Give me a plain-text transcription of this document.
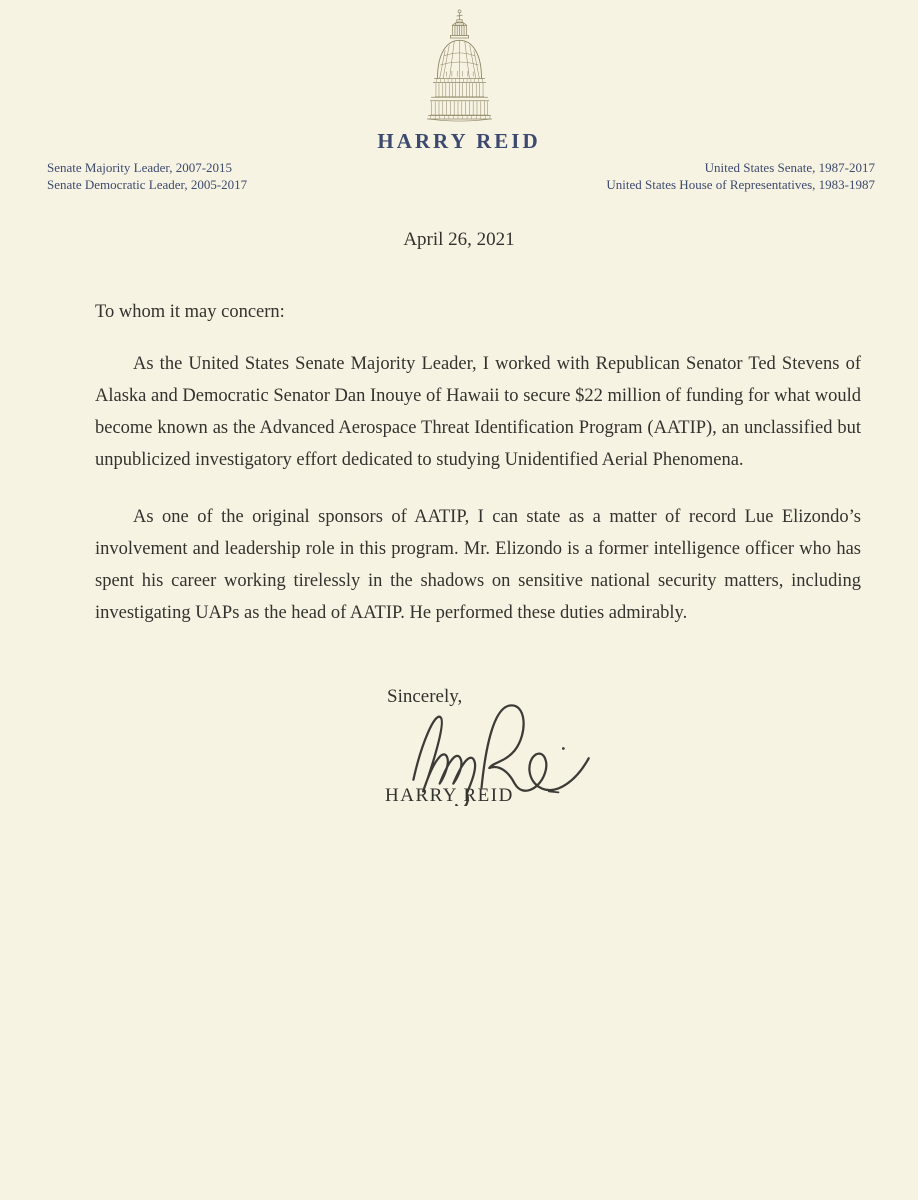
HARRY REID
Senate Majority Leader, 2007-2015
Senate Democratic Leader, 2005-2017
United States Senate, 1987-2017
United States House of Representatives, 1983-1987
April 26, 2021
To whom it may concern:

As the United States Senate Majority Leader, I worked with Republican Senator Ted Stevens of Alaska and Democratic Senator Dan Inouye of Hawaii to secure $22 million of funding for what would become known as the Advanced Aerospace Threat Identification Program (AATIP), an unclassified but unpublicized investigatory effort dedicated to studying Unidentified Aerial Phenomena.

As one of the original sponsors of AATIP, I can state as a matter of record Lue Elizondo’s involvement and leadership role in this program. Mr. Elizondo is a former intelligence officer who has spent his career working tirelessly in the shadows on sensitive national security matters, including investigating UAPs as the head of AATIP. He performed these duties admirably.

Sincerely,
HARRY REID
